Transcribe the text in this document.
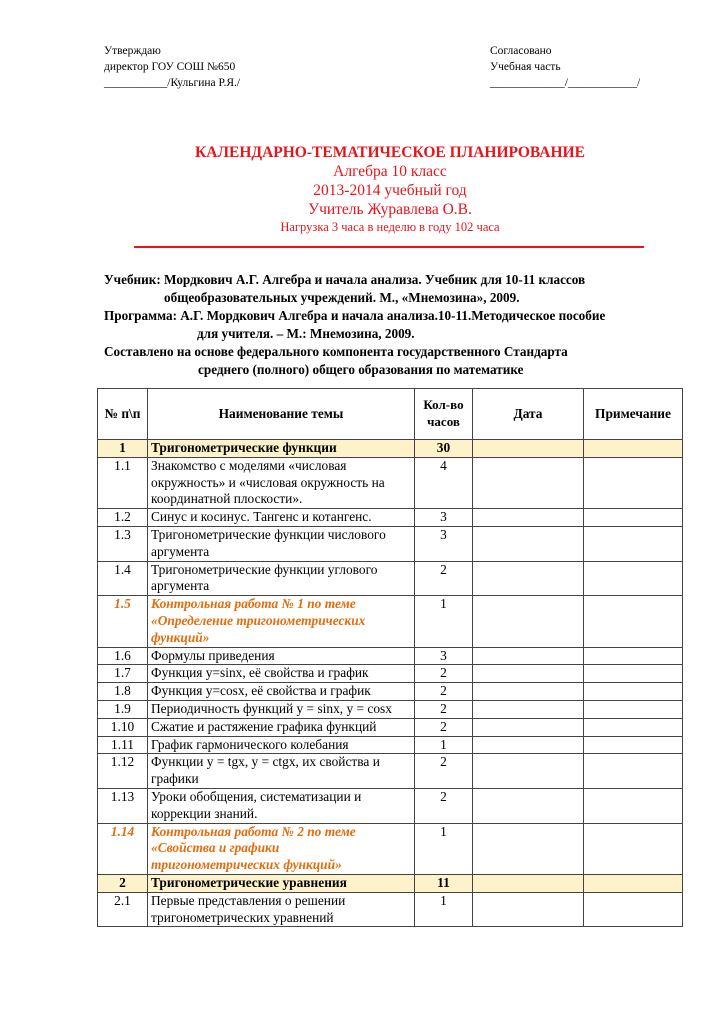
Утверждаю
директор ГОУ СОШ №650
___________/Кульгина Р.Я./
Согласовано
Учебная часть
_____________/____________/
КАЛЕНДАРНО-ТЕМАТИЧЕСКОЕ ПЛАНИРОВАНИЕ
Алгебра 10 класс
2013-2014 учебный год
Учитель Журавлева О.В.
Нагрузка 3 часа в неделю в году 102 часа
Учебник: Мордкович А.Г. Алгебра и начала анализа. Учебник для 10-11 классов
общеобразовательных учреждений. М., «Мнемозина», 2009.
Программа: А.Г. Мордкович Алгебра и начала анализа.10-11.Методическое пособие
для учителя. – М.: Мнемозина, 2009.
Составлено на основе федерального компонента государственного Стандарта
среднего (полного) общего образования по математике
№ п\п	Наименование темы	Кол-во часов	Дата	Примечание
1	Тригонометрические функции	30		
1.1	Знакомство с моделями «числовая окружность» и «числовая окружность на координатной плоскости».	4		
1.2	Синус и косинус. Тангенс и котангенс.	3		
1.3	Тригонометрические функции числового аргумента	3		
1.4	Тригонометрические функции углового аргумента	2		
1.5	Контрольная работа № 1 по теме «Определение тригонометрических функций»	1		
1.6	Формулы приведения	3		
1.7	Функция y=sinx, её свойства и график	2		
1.8	Функция y=cosx, её свойства и график	2		
1.9	Периодичность функций y = sinx, y = cosx	2		
1.10	Сжатие и растяжение графика функций	2		
1.11	График гармонического колебания	1		
1.12	Функции y = tgx, y = ctgx, их свойства и графики	2		
1.13	Уроки обобщения, систематизации и коррекции знаний.	2		
1.14	Контрольная работа № 2 по теме «Свойства и графики тригонометрических функций»	1		
2	Тригонометрические уравнения	11		
2.1	Первые представления о решении тригонометрических уравнений	1		
